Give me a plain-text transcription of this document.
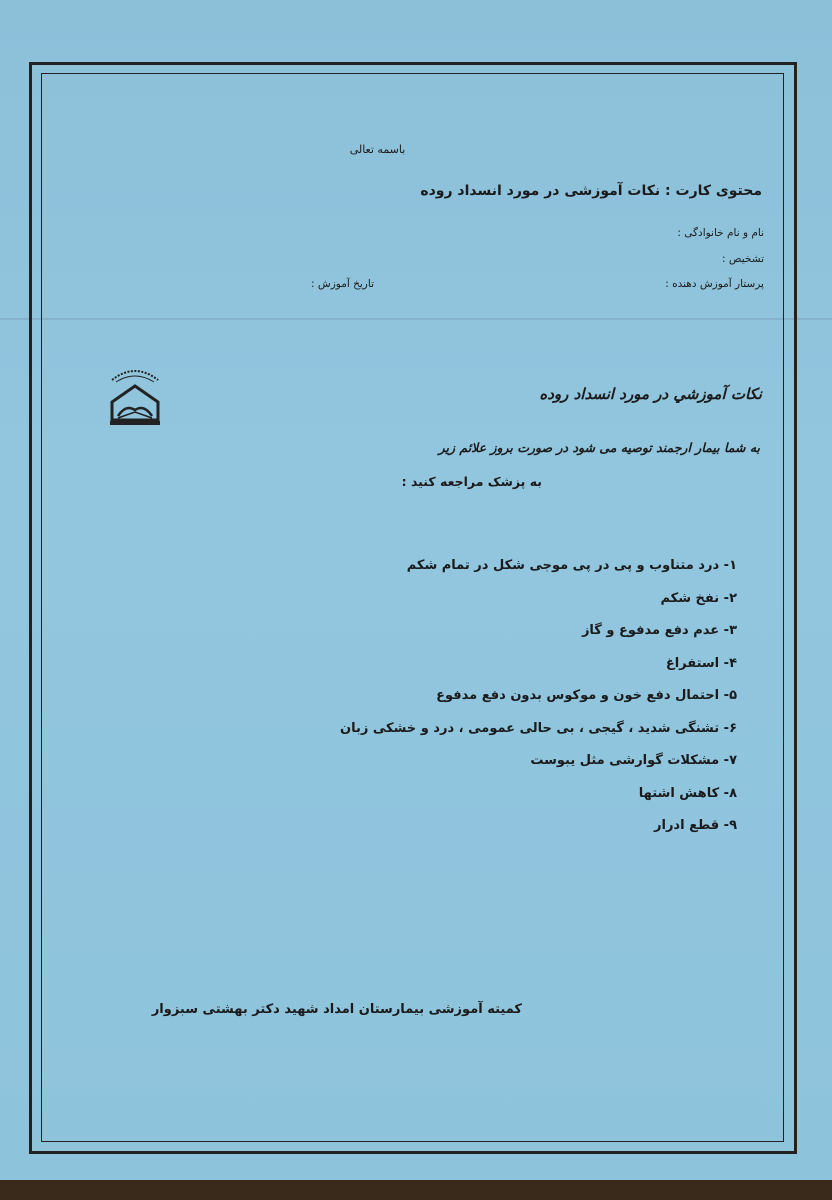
باسمه تعالی
محتوی کارت : نکات آموزشی در مورد انسداد روده
نام و نام خانوادگی :
تشخیص :
پرستار آموزش دهنده :
تاریخ آموزش :
نکات آموزشي در مورد انسداد روده
به شما بیمار ارجمند توصیه می شود در صورت بروز علائم زیر
به پزشک مراجعه کنید :
۱- درد متناوب و پی در پی موجی شکل در تمام شکم
۲- نفخ شکم
۳- عدم دفع مدفوع و گاز
۴- استفراغ
۵- احتمال دفع خون و موکوس بدون دفع مدفوع
۶- تشنگی شدید ، گیجی ، بی حالی عمومی ، درد و خشکی زبان
۷- مشکلات گوارشی مثل یبوست
۸- کاهش اشتها
۹- قطع ادرار
کمیته آموزشی بیمارستان امداد شهید دکتر بهشتی سبزوار
